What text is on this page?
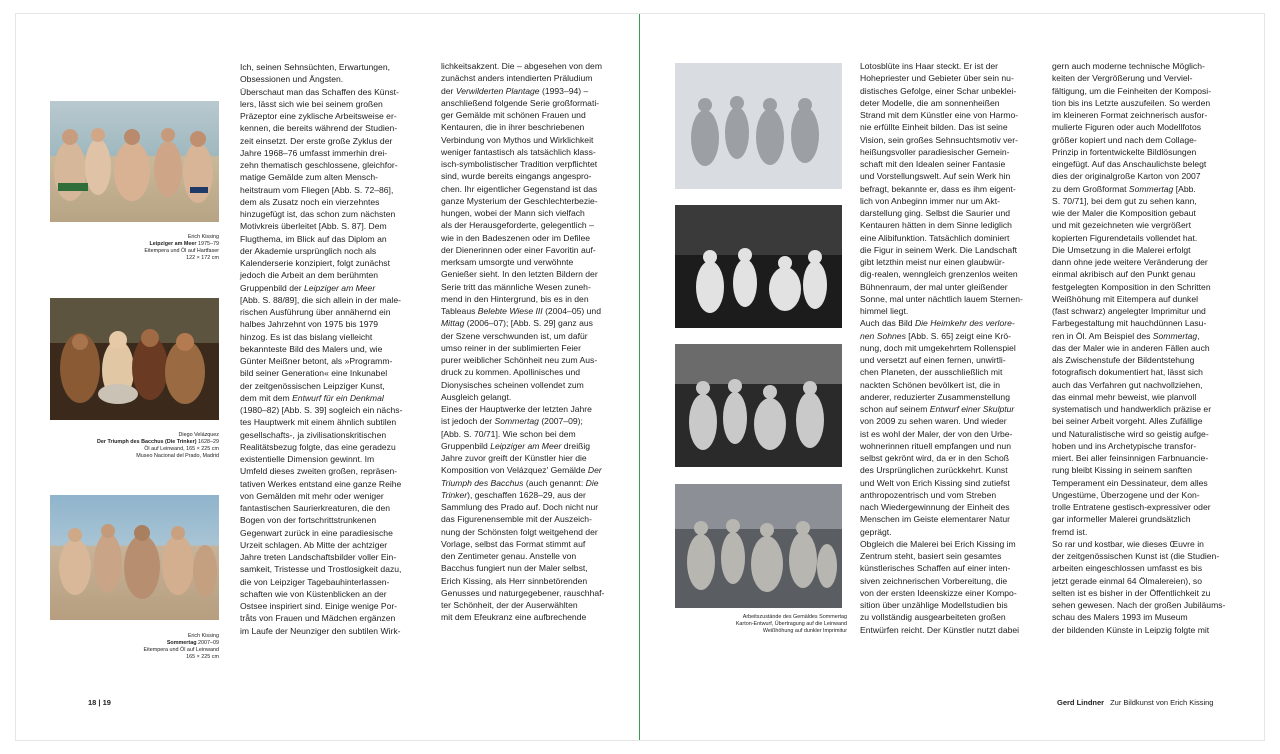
Erich Kissing
Leipziger am Meer 1975–79
Eitempera und Öl auf Hartfaser
122 × 172 cm

Diego Velázquez
Der Triumph des Bacchus (Die Trinker) 1628–29
Öl auf Leinwand, 165 × 225 cm
Museo Nacional del Prado, Madrid

Erich Kissing
Sommertag 2007–09
Eitempera und Öl auf Leinwand
165 × 225 cm

Ich, seinen Sehnsüchten, Erwartungen,
Obsessionen und Ängsten.
Überschaut man das Schaffen des Künst-
lers, lässt sich wie bei seinem großen
Präzeptor eine zyklische Arbeitsweise er-
kennen, die bereits während der Studien-
zeit einsetzt. Der erste große Zyklus der
Jahre 1968–76 umfasst immerhin drei-
zehn thematisch geschlossene, gleichfor-
matige Gemälde zum alten Mensch-
heitstraum vom Fliegen [Abb. S. 72–86],
dem als Zusatz noch ein vierzehntes
hinzugefügt ist, das schon zum nächsten
Motivkreis überleitet [Abb. S. 87]. Dem
Flugthema, im Blick auf das Diplom an
der Akademie ursprünglich noch als
Kalenderserie konzipiert, folgt zunächst
jedoch die Arbeit an dem berühmten
Gruppenbild der Leipziger am Meer
[Abb. S. 88/89], die sich allein in der male-
rischen Ausführung über annähernd ein
halbes Jahrzehnt von 1975 bis 1979
hinzog. Es ist das bislang vielleicht
bekannteste Bild des Malers und, wie
Günter Meißner betont, als »Programm-
bild seiner Generation« eine Inkunabel
der zeitgenössischen Leipziger Kunst,
dem mit dem Entwurf für ein Denkmal
(1980–82) [Abb. S. 39] sogleich ein nächs-
tes Hauptwerk mit einem ähnlich subtilen
gesellschafts-, ja zivilisationskritischen
Realitätsbezug folgte, das eine geradezu
existentielle Dimension gewinnt. Im
Umfeld dieses zweiten großen, repräsen-
tativen Werkes entstand eine ganze Reihe
von Gemälden mit mehr oder weniger
fantastischen Saurierkreaturen, die den
Bogen von der fortschrittstrunkenen
Gegenwart zurück in eine paradiesische
Urzeit schlagen. Ab Mitte der achtziger
Jahre treten Landschaftsbilder voller Ein-
samkeit, Tristesse und Trostlosigkeit dazu,
die von Leipziger Tagebauhinterlassen-
schaften wie von Küstenblicken an der
Ostsee inspiriert sind. Einige wenige Por-
tråts von Frauen und Mädchen ergänzen
im Laufe der Neunziger den subtilen Wirk-
lichkeitsakzent. Die – abgesehen von dem
zunächst anders intendierten Präludium
der Verwilderten Plantage (1993–94) –
anschließend folgende Serie großformati-
ger Gemälde mit schönen Frauen und
Kentauren, die in ihrer beschriebenen
Verbindung von Mythos und Wirklichkeit
weniger fantastisch als tatsächlich klass-
isch-symbolistischer Tradition verpflichtet
sind, wurde bereits eingangs angespro-
chen. Ihr eigentlicher Gegenstand ist das
ganze Mysterium der Geschlechterbezie-
hungen, wobei der Mann sich vielfach
als der Herausgeforderte, gelegentlich –
wie in den Badeszenen oder im Defilee
der Dienerinnen oder einer Favoritin auf-
merksam umsorgte und verwöhnte
Genießer sieht. In den letzten Bildern der
Serie tritt das männliche Wesen zuneh-
mend in den Hintergrund, bis es in den
Tableaus Belebte Wiese III (2004–05) und
Mittag (2006–07); [Abb. S. 29] ganz aus
der Szene verschwunden ist, um dafür
umso reiner in der sublimierten Feier
purer weiblicher Schönheit neu zum Aus-
druck zu kommen. Apollinisches und
Dionysisches scheinen vollendet zum
Ausgleich gelangt.
Eines der Hauptwerke der letzten Jahre
ist jedoch der Sommertag (2007–09);
[Abb. S. 70/71]. Wie schon bei dem
Gruppenbild Leipziger am Meer dreißig
Jahre zuvor greift der Künstler hier die
Komposition von Velázquez' Gemälde Der
Triumph des Bacchus (auch genannt: Die
Trinker), geschaffen 1628–29, aus der
Sammlung des Prado auf. Doch nicht nur
das Figurenensemble mit der Auszeich-
nung der Schönsten folgt weitgehend der
Vorlage, selbst das Format stimmt auf
den Zentimeter genau. Anstelle von
Bacchus fungiert nun der Maler selbst,
Erich Kissing, als Herr sinnbetörenden
Genusses und naturgegebener, rauschhaf-
ter Schönheit, der der Auserwählten
mit dem Efeukranz eine aufbrechende
18 | 19
Arbeitszustände des Gemäldes Sommertag
Karton-Entwurf, Übertragung auf die Leinwand
Weißhöhung auf dunkler Imprimitur
Lotosblüte ins Haar steckt. Er ist der
Hohepriester und Gebieter über sein nu-
distisches Gefolge, einer Schar unbeklei-
deter Modelle, die am sonnenheißen
Strand mit dem Künstler eine von Harmo-
nie erfüllte Einheit bilden. Das ist seine
Vision, sein großes Sehnsuchtsmotiv ver-
heißungsvoller paradiesischer Gemein-
schaft mit den Idealen seiner Fantasie
und Vorstellungswelt. Auf sein Werk hin
befragt, bekannte er, dass es ihm eigent-
lich von Anbeginn immer nur um Akt-
darstellung ging. Selbst die Saurier und
Kentauren hätten in dem Sinne lediglich
eine Alibifunktion. Tatsächlich dominiert
die Figur in seinem Werk. Die Landschaft
gibt letzthin meist nur einen glaubwür-
dig-realen, wenngleich grenzenlos weiten
Bühnenraum, der mal unter gleißender
Sonne, mal unter nächtlich lauem Sternen-
himmel liegt.
Auch das Bild Die Heimkehr des verlore-
nen Sohnes [Abb. S. 65] zeigt eine Krö-
nung, doch mit umgekehrtem Rollenspiel
und versetzt auf einen fernen, unwirtli-
chen Planeten, der ausschließlich mit
nackten Schönen bevölkert ist, die in
anderer, reduzierter Zusammenstellung
schon auf seinem Entwurf einer Skulptur
von 2009 zu sehen waren. Und wieder
ist es wohl der Maler, der von den Urbe-
wohnerinnen rituell empfangen und nun
selbst gekrönt wird, da er in den Schoß
des Ursprünglichen zurückkehrt. Kunst
und Welt von Erich Kissing sind zutiefst
anthropozentrisch und vom Streben
nach Wiedergewinnung der Einheit des
Menschen im Geiste elementarer Natur
geprägt.
Obgleich die Malerei bei Erich Kissing im
Zentrum steht, basiert sein gesamtes
künstlerisches Schaffen auf einer inten-
siven zeichnerischen Vorbereitung, die
von der ersten Ideenskizze einer Kompo-
sition über unzählige Modellstudien bis
zu vollständig ausgearbeiteten großen
Entwürfen reicht. Der Künstler nutzt dabei
gern auch moderne technische Möglich-
keiten der Vergrößerung und Verviel-
fältigung, um die Feinheiten der Komposi-
tion bis ins Letzte auszufeilen. So werden
im kleineren Format zeichnerisch ausfor-
mulierte Figuren oder auch Modellfotos
größer kopiert und nach dem Collage-
Prinzip in fortentwickelte Bildlösungen
eingefügt. Auf das Anschaulichste belegt
dies der originalgroße Karton von 2007
zu dem Großformat Sommertag [Abb.
S. 70/71], bei dem gut zu sehen kann,
wie der Maler die Komposition gebaut
und mit gezeichneten wie vergrößert
kopierten Figurendetails vollendet hat.
Die Umsetzung in die Malerei erfolgt
dann ohne jede weitere Veränderung der
einmal akribisch auf den Punkt genau
festgelegten Komposition in den Schritten
Weißhöhung mit Eitempera auf dunkel
(fast schwarz) angelegter Imprimitur und
Farbegestaltung mit hauchdünnen Lasu-
ren in Öl. Am Beispiel des Sommertag,
das der Maler wie in anderen Fällen auch
als Zwischenstufe der Bildentstehung
fotografisch dokumentiert hat, lässt sich
auch das Verfahren gut nachvollziehen,
das einmal mehr beweist, wie planvoll
systematisch und handwerklich präzise er
bei seiner Arbeit vorgeht. Alles Zufällige
und Naturalistische wird so geistig aufge-
hoben und ins Archetypische transfor-
miert. Bei aller feinsinnigen Farbnuancie-
rung bleibt Kissing in seinem sanften
Temperament ein Dessinateur, dem alles
Ungestüme, Überzogene und der Kon-
trolle Entratene gestisch-expressiver oder
gar informeller Malerei grundsätzlich
fremd ist.
So rar und kostbar, wie dieses Œuvre in
der zeitgenössischen Kunst ist (die Studien-
arbeiten eingeschlossen umfasst es bis
jetzt gerade einmal 64 Ölmalereien), so
selten ist es bisher in der Öffentlichkeit zu
sehen gewesen. Nach der großen Jubiläums-
schau des Malers 1993 im Museum
der bildenden Künste in Leipzig folgte mit
Gerd Lindner Zur Bildkunst von Erich Kissing
